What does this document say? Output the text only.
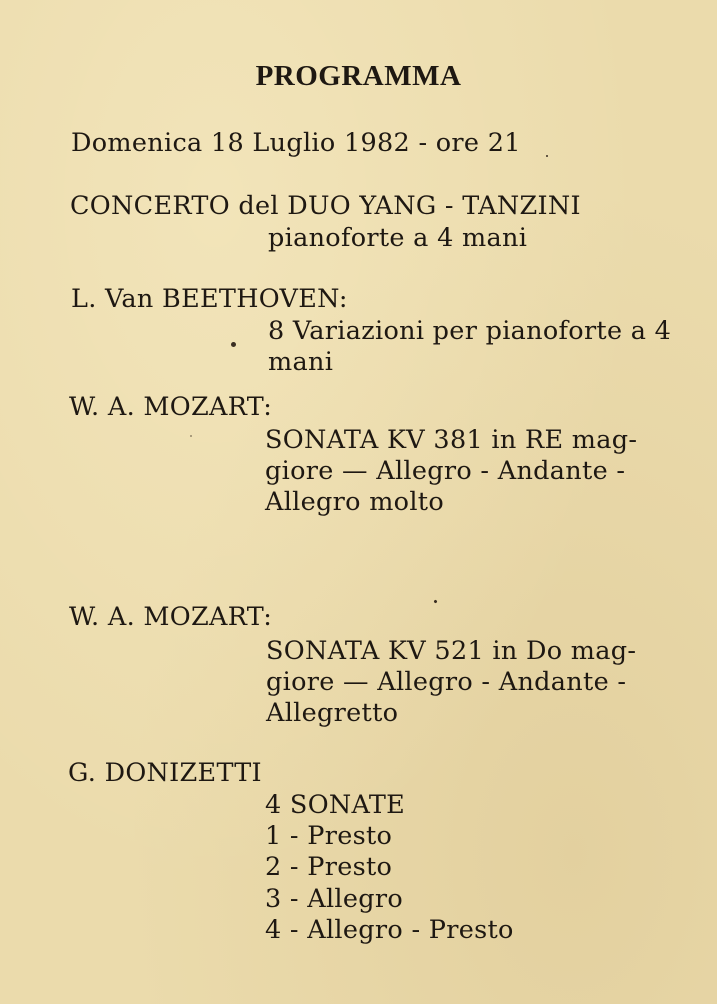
PROGRAMMA
Domenica 18 Luglio 1982 - ore 21
CONCERTO del DUO YANG - TANZINI
pianoforte a 4 mani
L. Van BEETHOVEN:
8 Variazioni per pianoforte a 4
mani
W. A. MOZART:
SONATA KV 381 in RE mag-
giore — Allegro - Andante -
Allegro molto
W. A. MOZART:
SONATA KV 521 in Do mag-
giore — Allegro - Andante -
Allegretto
G. DONIZETTI
4 SONATE
1 - Presto
2 - Presto
3 - Allegro
4 - Allegro - Presto
